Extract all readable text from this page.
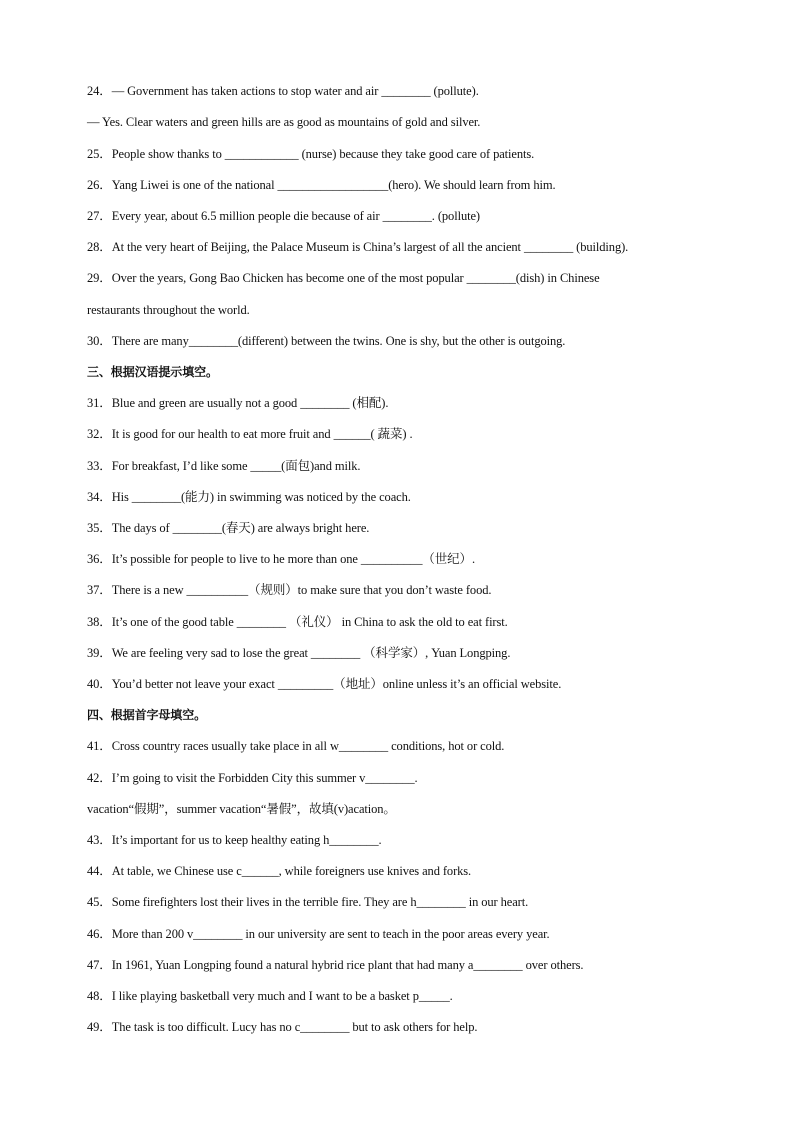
24．— Government has taken actions to stop water and air ________ (pollute).
— Yes. Clear waters and green hills are as good as mountains of gold and silver.
25．People show thanks to ____________ (nurse) because they take good care of patients.
26．Yang Liwei is one of the national __________________(hero). We should learn from him.
27．Every year, about 6.5 million people die because of air ________. (pollute)
28．At the very heart of Beijing, the Palace Museum is China’s largest of all the ancient ________ (building).
29．Over the years, Gong Bao Chicken has become one of the most popular ________(dish) in Chinese
restaurants throughout the world.
30．There are many________(different) between the twins. One is shy, but the other is outgoing.
三、根据汉语提示填空。
31．Blue and green are usually not a good ________ (相配).
32．It is good for our health to eat more fruit and ______( 蔬菜) .
33．For breakfast, I’d like some _____(面包)and milk.
34．His ________(能力) in swimming was noticed by the coach.
35．The days of ________(春天) are always bright here.
36．It’s possible for people to live to he more than one __________（世纪）.
37．There is a new __________（规则）to make sure that you don’t waste food.
38．It’s one of the good table ________ （礼仪） in China to ask the old to eat first.
39．We are feeling very sad to lose the great ________ （科学家）, Yuan Longping.
40．You’d better not leave your exact _________（地址）online unless it’s an official website.
四、根据首字母填空。
41．Cross country races usually take place in all w________ conditions, hot or cold.
42．I’m going to visit the Forbidden City this summer v________.
vacation“假期”，summer vacation“暑假”，故填(v)acation。
43．It’s important for us to keep healthy eating h________.
44．At table, we Chinese use c______, while foreigners use knives and forks.
45．Some firefighters lost their lives in the terrible fire. They are h________ in our heart.
46．More than 200 v________ in our university are sent to teach in the poor areas every year.
47．In 1961, Yuan Longping found a natural hybrid rice plant that had many a________ over others.
48．I like playing basketball very much and I want to be a basket p_____.
49．The task is too difficult. Lucy has no c________ but to ask others for help.
